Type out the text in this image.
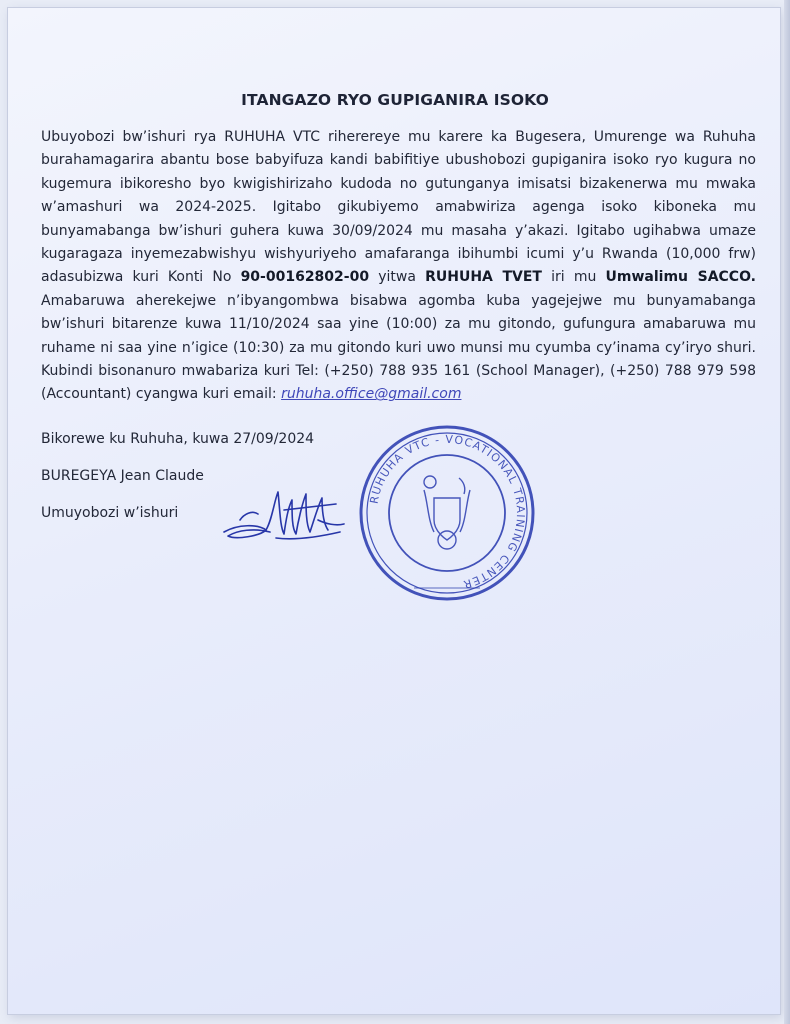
ITANGAZO RYO GUPIGANIRA ISOKO
Ubuyobozi bw’ishuri rya RUHUHA VTC riherereye mu karere ka Bugesera, Umurenge wa Ruhuha burahamagarira abantu bose babyifuza kandi babifitiye ubushobozi gupiganira isoko ryo kugura no kugemura ibikoresho byo kwigishirizaho kudoda no gutunganya imisatsi bizakenerwa mu mwaka w’amashuri wa 2024-2025. Igitabo gikubiyemo amabwiriza agenga isoko kiboneka mu bunyamabanga bw’ishuri guhera kuwa 30/09/2024 mu masaha y’akazi. Igitabo ugihabwa umaze kugaragaza inyemezabwishyu wishyuriyeho amafaranga ibihumbi icumi y’u Rwanda (10,000 frw) adasubizwa kuri Konti No 90-00162802-00 yitwa RUHUHA TVET iri mu Umwalimu SACCO. Amabaruwa aherekejwe n’ibyangombwa bisabwa agomba kuba yagejejwe mu bunyamabanga bw’ishuri bitarenze kuwa 11/10/2024 saa yine (10:00) za mu gitondo, gufungura amabaruwa mu ruhame ni saa yine n’igice (10:30) za mu gitondo kuri uwo munsi mu cyumba cy’inama cy’iryo shuri. Kubindi bisonanuro mwabariza kuri Tel: (+250) 788 935 161 (School Manager), (+250) 788 979 598 (Accountant) cyangwa kuri email: ruhuha.office@gmail.com
Bikorewe ku Ruhuha, kuwa 27/09/2024
BUREGEYA Jean Claude
Umuyobozi w’ishuri
RUHUHA VTC - VOCATIONAL TRAINING CENTER
